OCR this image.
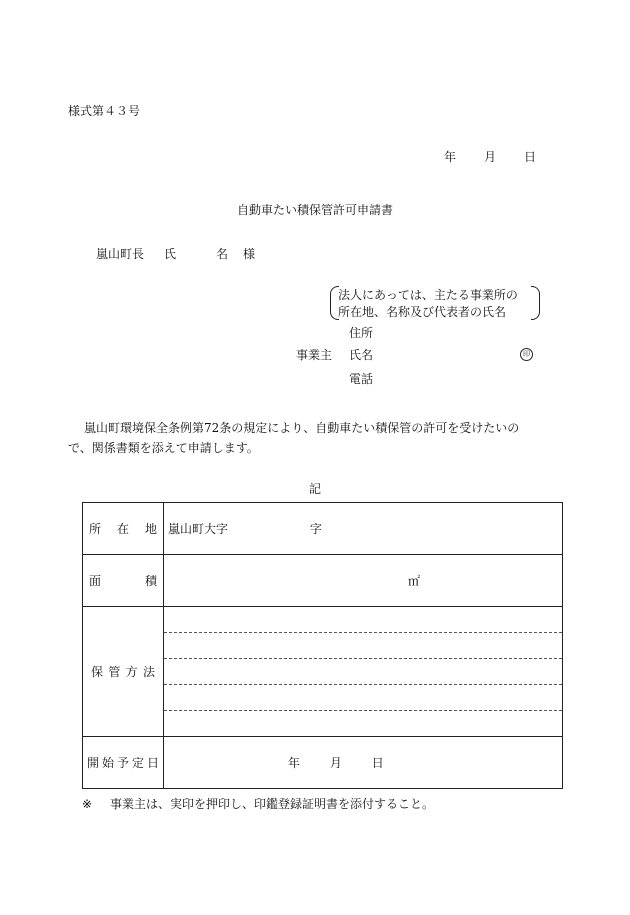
様式第４３号
年 月 日
自動車たい積保管許可申請書
嵐山町長 氏	名 様
法人にあっては、主たる事業所の
所在地、名称及び代表者の氏名
住所
事業主 氏名	印
電話
嵐山町環境保全条例第72条の規定により、自動車たい積保管の許可を受けたいの
で、関係書類を添えて申請します。
記
所 在 地	嵐山町大字 字

面 積	㎡

保 管 方 法	

開 始 予 定 日	年 月 日
※ 事業主は、実印を押印し、印鑑登録証明書を添付すること。
